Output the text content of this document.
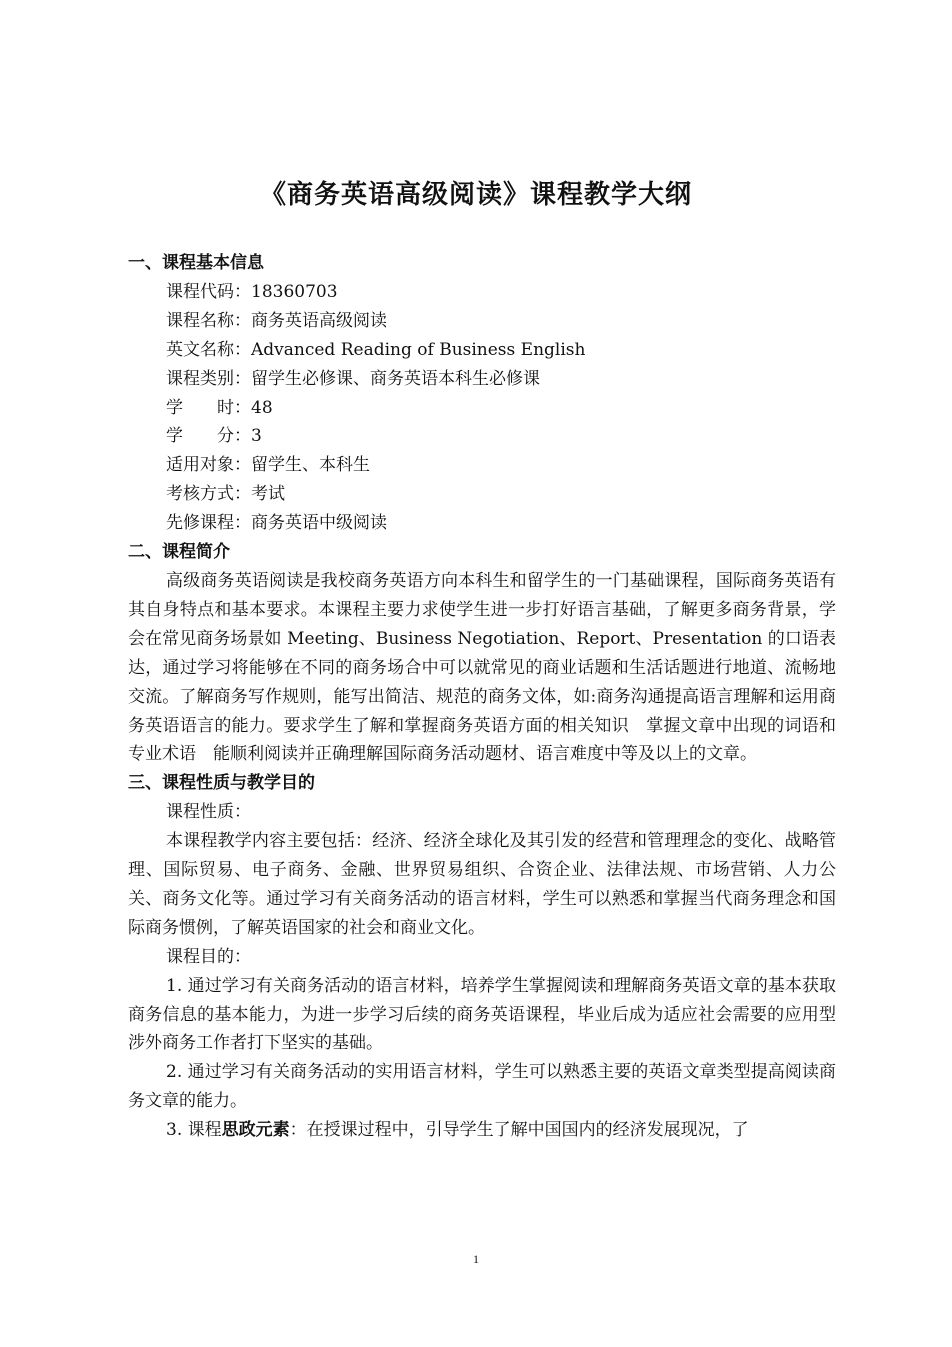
《商务英语高级阅读》课程教学大纲
一、课程基本信息
课程代码：18360703
课程名称：商务英语高级阅读
英文名称：Advanced Reading of Business English
课程类别：留学生必修课、商务英语本科生必修课
学　　时：48
学　　分：3
适用对象：留学生、本科生
考核方式：考试
先修课程：商务英语中级阅读
二、课程简介
高级商务英语阅读是我校商务英语方向本科生和留学生的一门基础课程，国际商务英语有其自身特点和基本要求。本课程主要力求使学生进一步打好语言基础，了解更多商务背景，学会在常见商务场景如 Meeting、Business Negotiation、Report、Presentation 的口语表达，通过学习将能够在不同的商务场合中可以就常见的商业话题和生活话题进行地道、流畅地交流。了解商务写作规则，能写出简洁、规范的商务文体，如:商务沟通提高语言理解和运用商务英语语言的能力。要求学生了解和掌握商务英语方面的相关知识　掌握文章中出现的词语和专业术语　能顺利阅读并正确理解国际商务活动题材、语言难度中等及以上的文章。
三、课程性质与教学目的
课程性质：
本课程教学内容主要包括：经济、经济全球化及其引发的经营和管理理念的变化、战略管理、国际贸易、电子商务、金融、世界贸易组织、合资企业、法律法规、市场营销、人力公关、商务文化等。通过学习有关商务活动的语言材料，学生可以熟悉和掌握当代商务理念和国际商务惯例，了解英语国家的社会和商业文化。
课程目的：
1. 通过学习有关商务活动的语言材料，培养学生掌握阅读和理解商务英语文章的基本获取商务信息的基本能力，为进一步学习后续的商务英语课程，毕业后成为适应社会需要的应用型涉外商务工作者打下坚实的基础。
2. 通过学习有关商务活动的实用语言材料，学生可以熟悉主要的英语文章类型提高阅读商务文章的能力。
3. 课程思政元素：在授课过程中，引导学生了解中国国内的经济发展现况，了
1
